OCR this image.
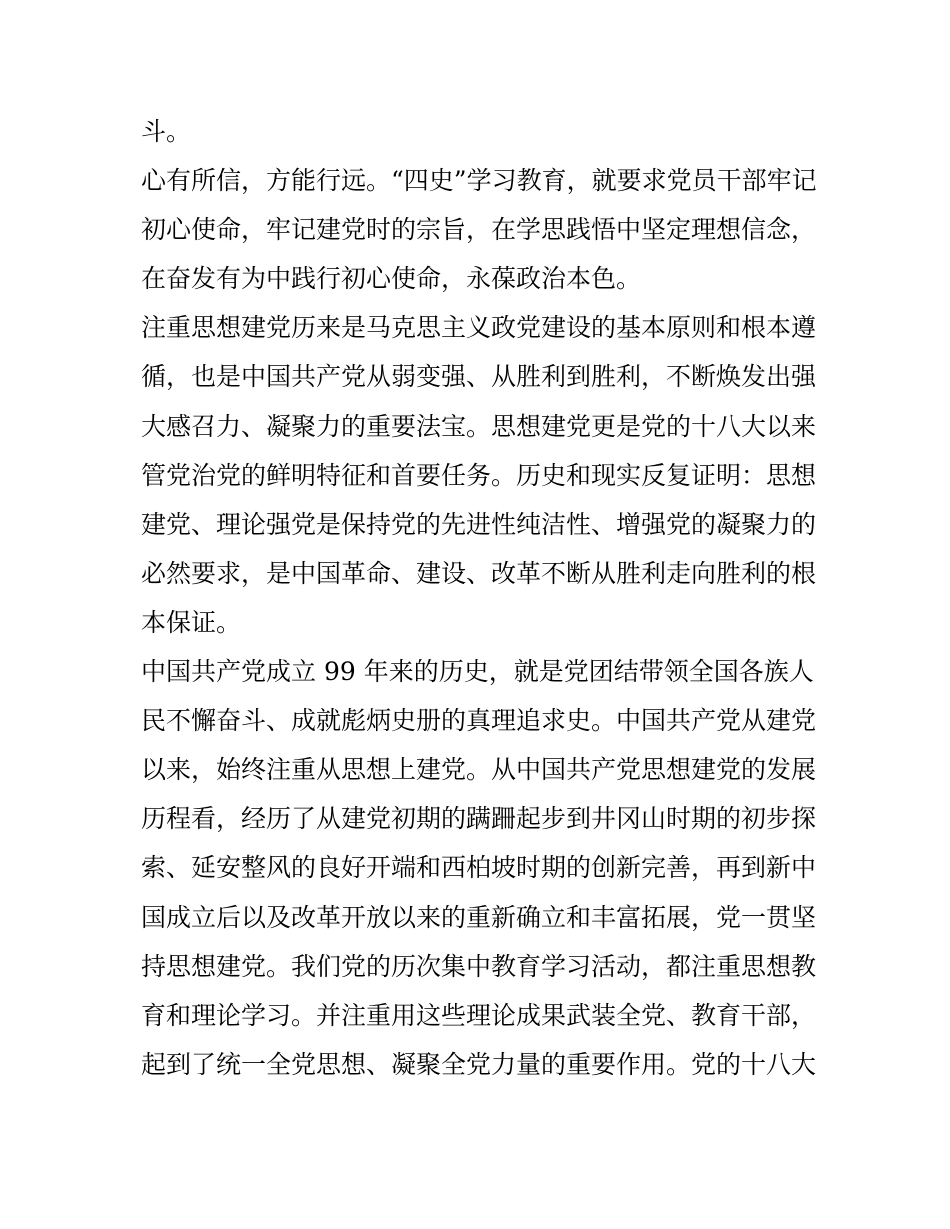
斗。
心有所信，方能行远。“四史”学习教育，就要求党员干部牢记
初心使命，牢记建党时的宗旨，在学思践悟中坚定理想信念，
在奋发有为中践行初心使命，永葆政治本色。
注重思想建党历来是马克思主义政党建设的基本原则和根本遵
循，也是中国共产党从弱变强、从胜利到胜利，不断焕发出强
大感召力、凝聚力的重要法宝。思想建党更是党的十八大以来
管党治党的鲜明特征和首要任务。历史和现实反复证明：思想
建党、理论强党是保持党的先进性纯洁性、增强党的凝聚力的
必然要求，是中国革命、建设、改革不断从胜利走向胜利的根
本保证。
中国共产党成立 99 年来的历史，就是党团结带领全国各族人
民不懈奋斗、成就彪炳史册的真理追求史。中国共产党从建党
以来，始终注重从思想上建党。从中国共产党思想建党的发展
历程看，经历了从建党初期的蹒跚起步到井冈山时期的初步探
索、延安整风的良好开端和西柏坡时期的创新完善，再到新中
国成立后以及改革开放以来的重新确立和丰富拓展，党一贯坚
持思想建党。我们党的历次集中教育学习活动，都注重思想教
育和理论学习。并注重用这些理论成果武装全党、教育干部，
起到了统一全党思想、凝聚全党力量的重要作用。党的十八大
